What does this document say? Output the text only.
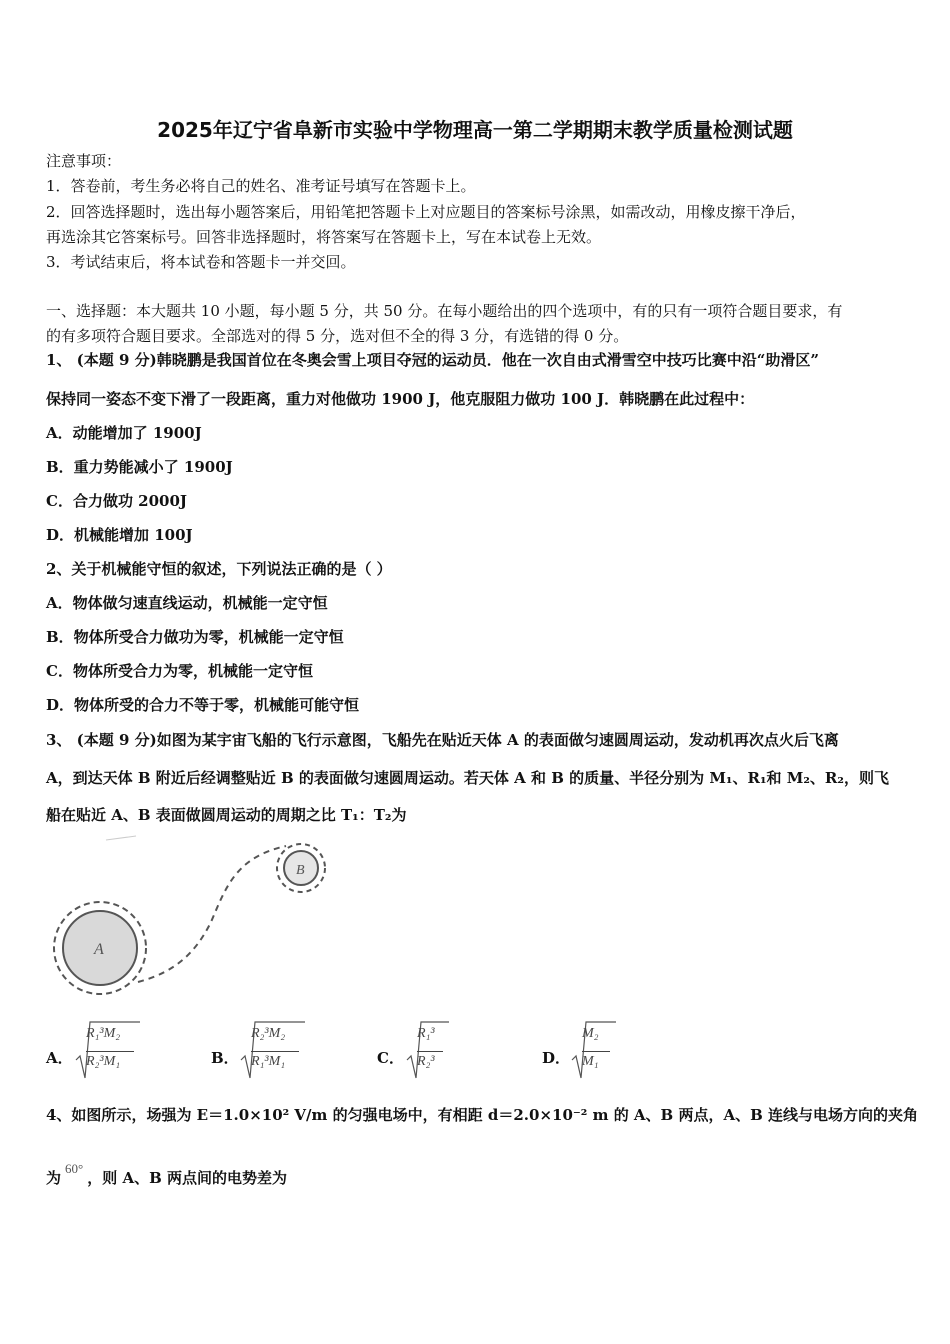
2025年辽宁省阜新市实验中学物理高一第二学期期末教学质量检测试题
注意事项：
1．答卷前，考生务必将自己的姓名、准考证号填写在答题卡上。
2．回答选择题时，选出每小题答案后，用铅笔把答题卡上对应题目的答案标号涂黑，如需改动，用橡皮擦干净后，
再选涂其它答案标号。回答非选择题时，将答案写在答题卡上，写在本试卷上无效。
3．考试结束后，将本试卷和答题卡一并交回。
一、选择题：本大题共 10 小题，每小题 5 分，共 50 分。在每小题给出的四个选项中，有的只有一项符合题目要求，有
的有多项符合题目要求。全部选对的得 5 分，选对但不全的得 3 分，有选错的得 0 分。
1、 (本题 9 分)韩晓鹏是我国首位在冬奥会雪上项目夺冠的运动员．他在一次自由式滑雪空中技巧比赛中沿“助滑区”
保持同一姿态不变下滑了一段距离，重力对他做功 1900 J，他克服阻力做功 100 J．韩晓鹏在此过程中：
A．动能增加了 1900J
B．重力势能减小了 1900J
C．合力做功 2000J
D．机械能增加 100J
2、关于机械能守恒的叙述，下列说法正确的是（ ）
A．物体做匀速直线运动，机械能一定守恒
B．物体所受合力做功为零，机械能一定守恒
C．物体所受合力为零，机械能一定守恒
D．物体所受的合力不等于零，机械能可能守恒
3、 (本题 9 分)如图为某宇宙飞船的飞行示意图，飞船先在贴近天体 A 的表面做匀速圆周运动，发动机再次点火后飞离
A，到达天体 B 附近后经调整贴近 B 的表面做匀速圆周运动。若天体 A 和 B 的质量、半径分别为 M₁、R₁和 M₂、R₂，则飞
船在贴近 A、B 表面做圆周运动的周期之比 T₁：T₂为
A
B
A．
R₁³M₂
R₂³M₁	B．
R₂³M₂
R₁³M₁	C．
R₁³
R₂³	D．
M₂
M₁
4、如图所示，场强为 E＝1.0×10² V/m 的匀强电场中，有相距 d＝2.0×10⁻² m 的 A、B 两点，A、B 连线与电场方向的夹角
为60°，则 A、B 两点间的电势差为
